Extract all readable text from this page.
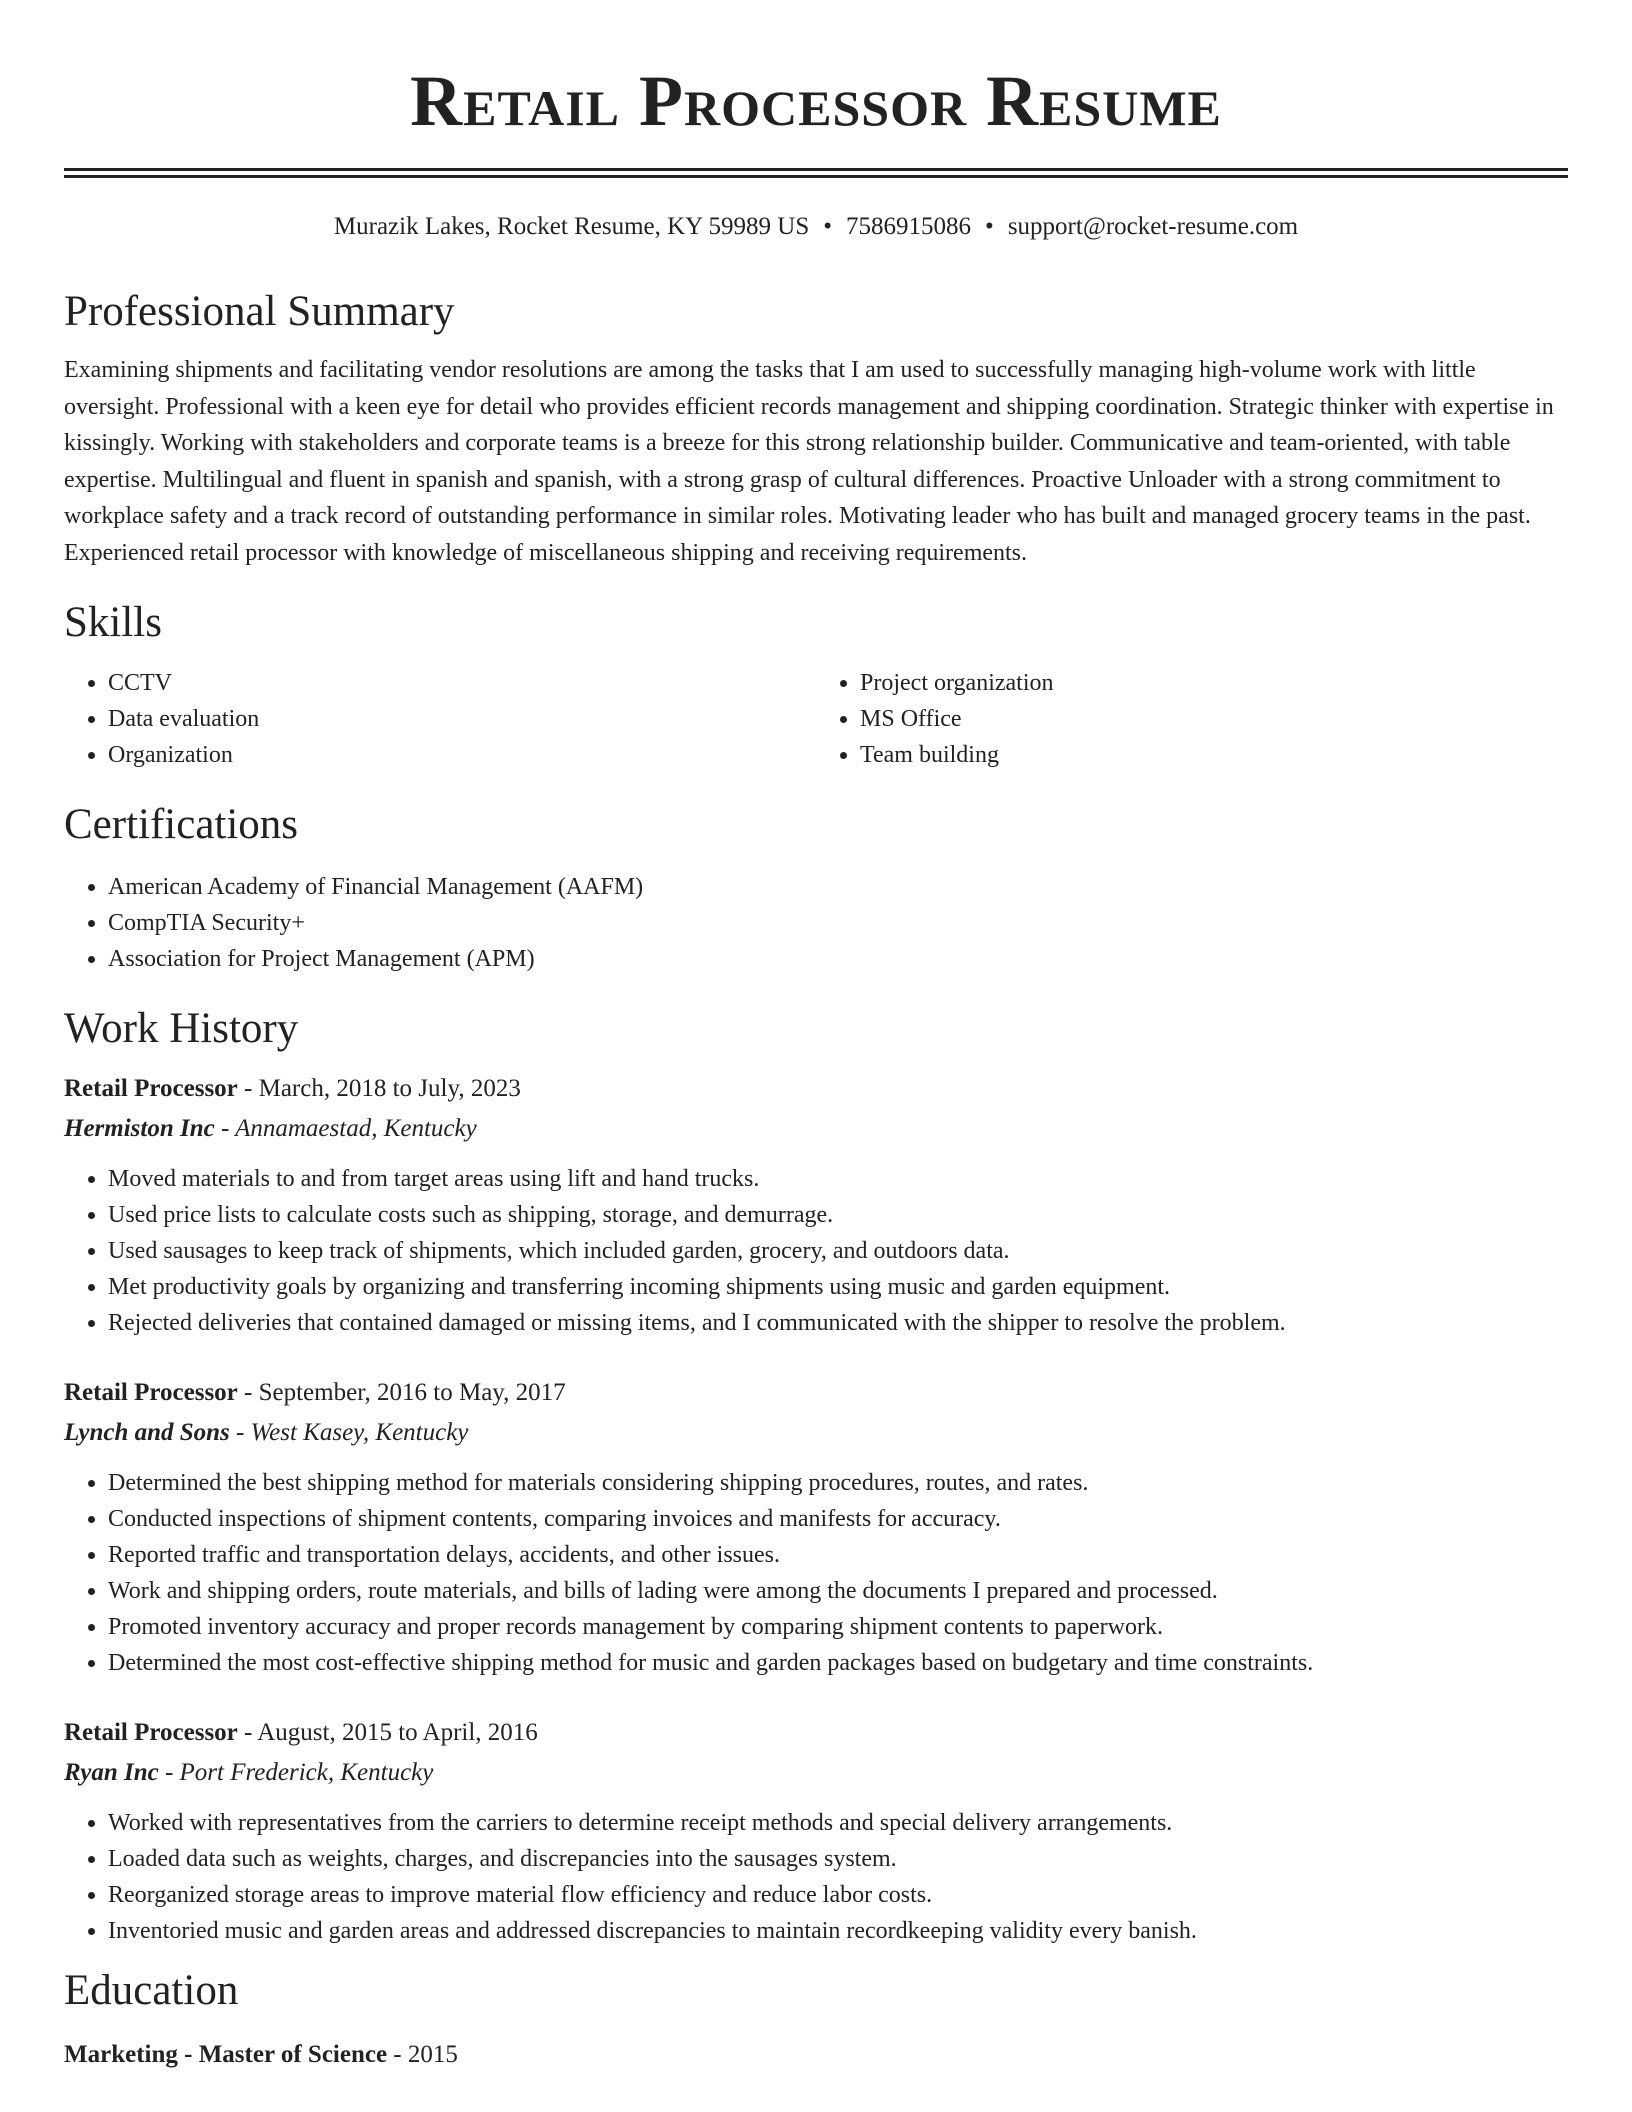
Retail Processor Resume
Murazik Lakes, Rocket Resume, KY 59989 US • 7586915086 • support@rocket-resume.com
Professional Summary
Examining shipments and facilitating vendor resolutions are among the tasks that I am used to successfully managing high-volume work with little oversight. Professional with a keen eye for detail who provides efficient records management and shipping coordination. Strategic thinker with expertise in kissingly. Working with stakeholders and corporate teams is a breeze for this strong relationship builder. Communicative and team-oriented, with table expertise. Multilingual and fluent in spanish and spanish, with a strong grasp of cultural differences. Proactive Unloader with a strong commitment to workplace safety and a track record of outstanding performance in similar roles. Motivating leader who has built and managed grocery teams in the past. Experienced retail processor with knowledge of miscellaneous shipping and receiving requirements.
Skills
• CCTV
• Data evaluation
• Organization
• Project organization
• MS Office
• Team building
Certifications
• American Academy of Financial Management (AAFM)
• CompTIA Security+
• Association for Project Management (APM)
Work History
Retail Processor - March, 2018 to July, 2023
Hermiston Inc - Annamaestad, Kentucky
• Moved materials to and from target areas using lift and hand trucks.
• Used price lists to calculate costs such as shipping, storage, and demurrage.
• Used sausages to keep track of shipments, which included garden, grocery, and outdoors data.
• Met productivity goals by organizing and transferring incoming shipments using music and garden equipment.
• Rejected deliveries that contained damaged or missing items, and I communicated with the shipper to resolve the problem.
Retail Processor - September, 2016 to May, 2017
Lynch and Sons - West Kasey, Kentucky
• Determined the best shipping method for materials considering shipping procedures, routes, and rates.
• Conducted inspections of shipment contents, comparing invoices and manifests for accuracy.
• Reported traffic and transportation delays, accidents, and other issues.
• Work and shipping orders, route materials, and bills of lading were among the documents I prepared and processed.
• Promoted inventory accuracy and proper records management by comparing shipment contents to paperwork.
• Determined the most cost-effective shipping method for music and garden packages based on budgetary and time constraints.
Retail Processor - August, 2015 to April, 2016
Ryan Inc - Port Frederick, Kentucky
• Worked with representatives from the carriers to determine receipt methods and special delivery arrangements.
• Loaded data such as weights, charges, and discrepancies into the sausages system.
• Reorganized storage areas to improve material flow efficiency and reduce labor costs.
• Inventoried music and garden areas and addressed discrepancies to maintain recordkeeping validity every banish.
Education
Marketing - Master of Science - 2015
